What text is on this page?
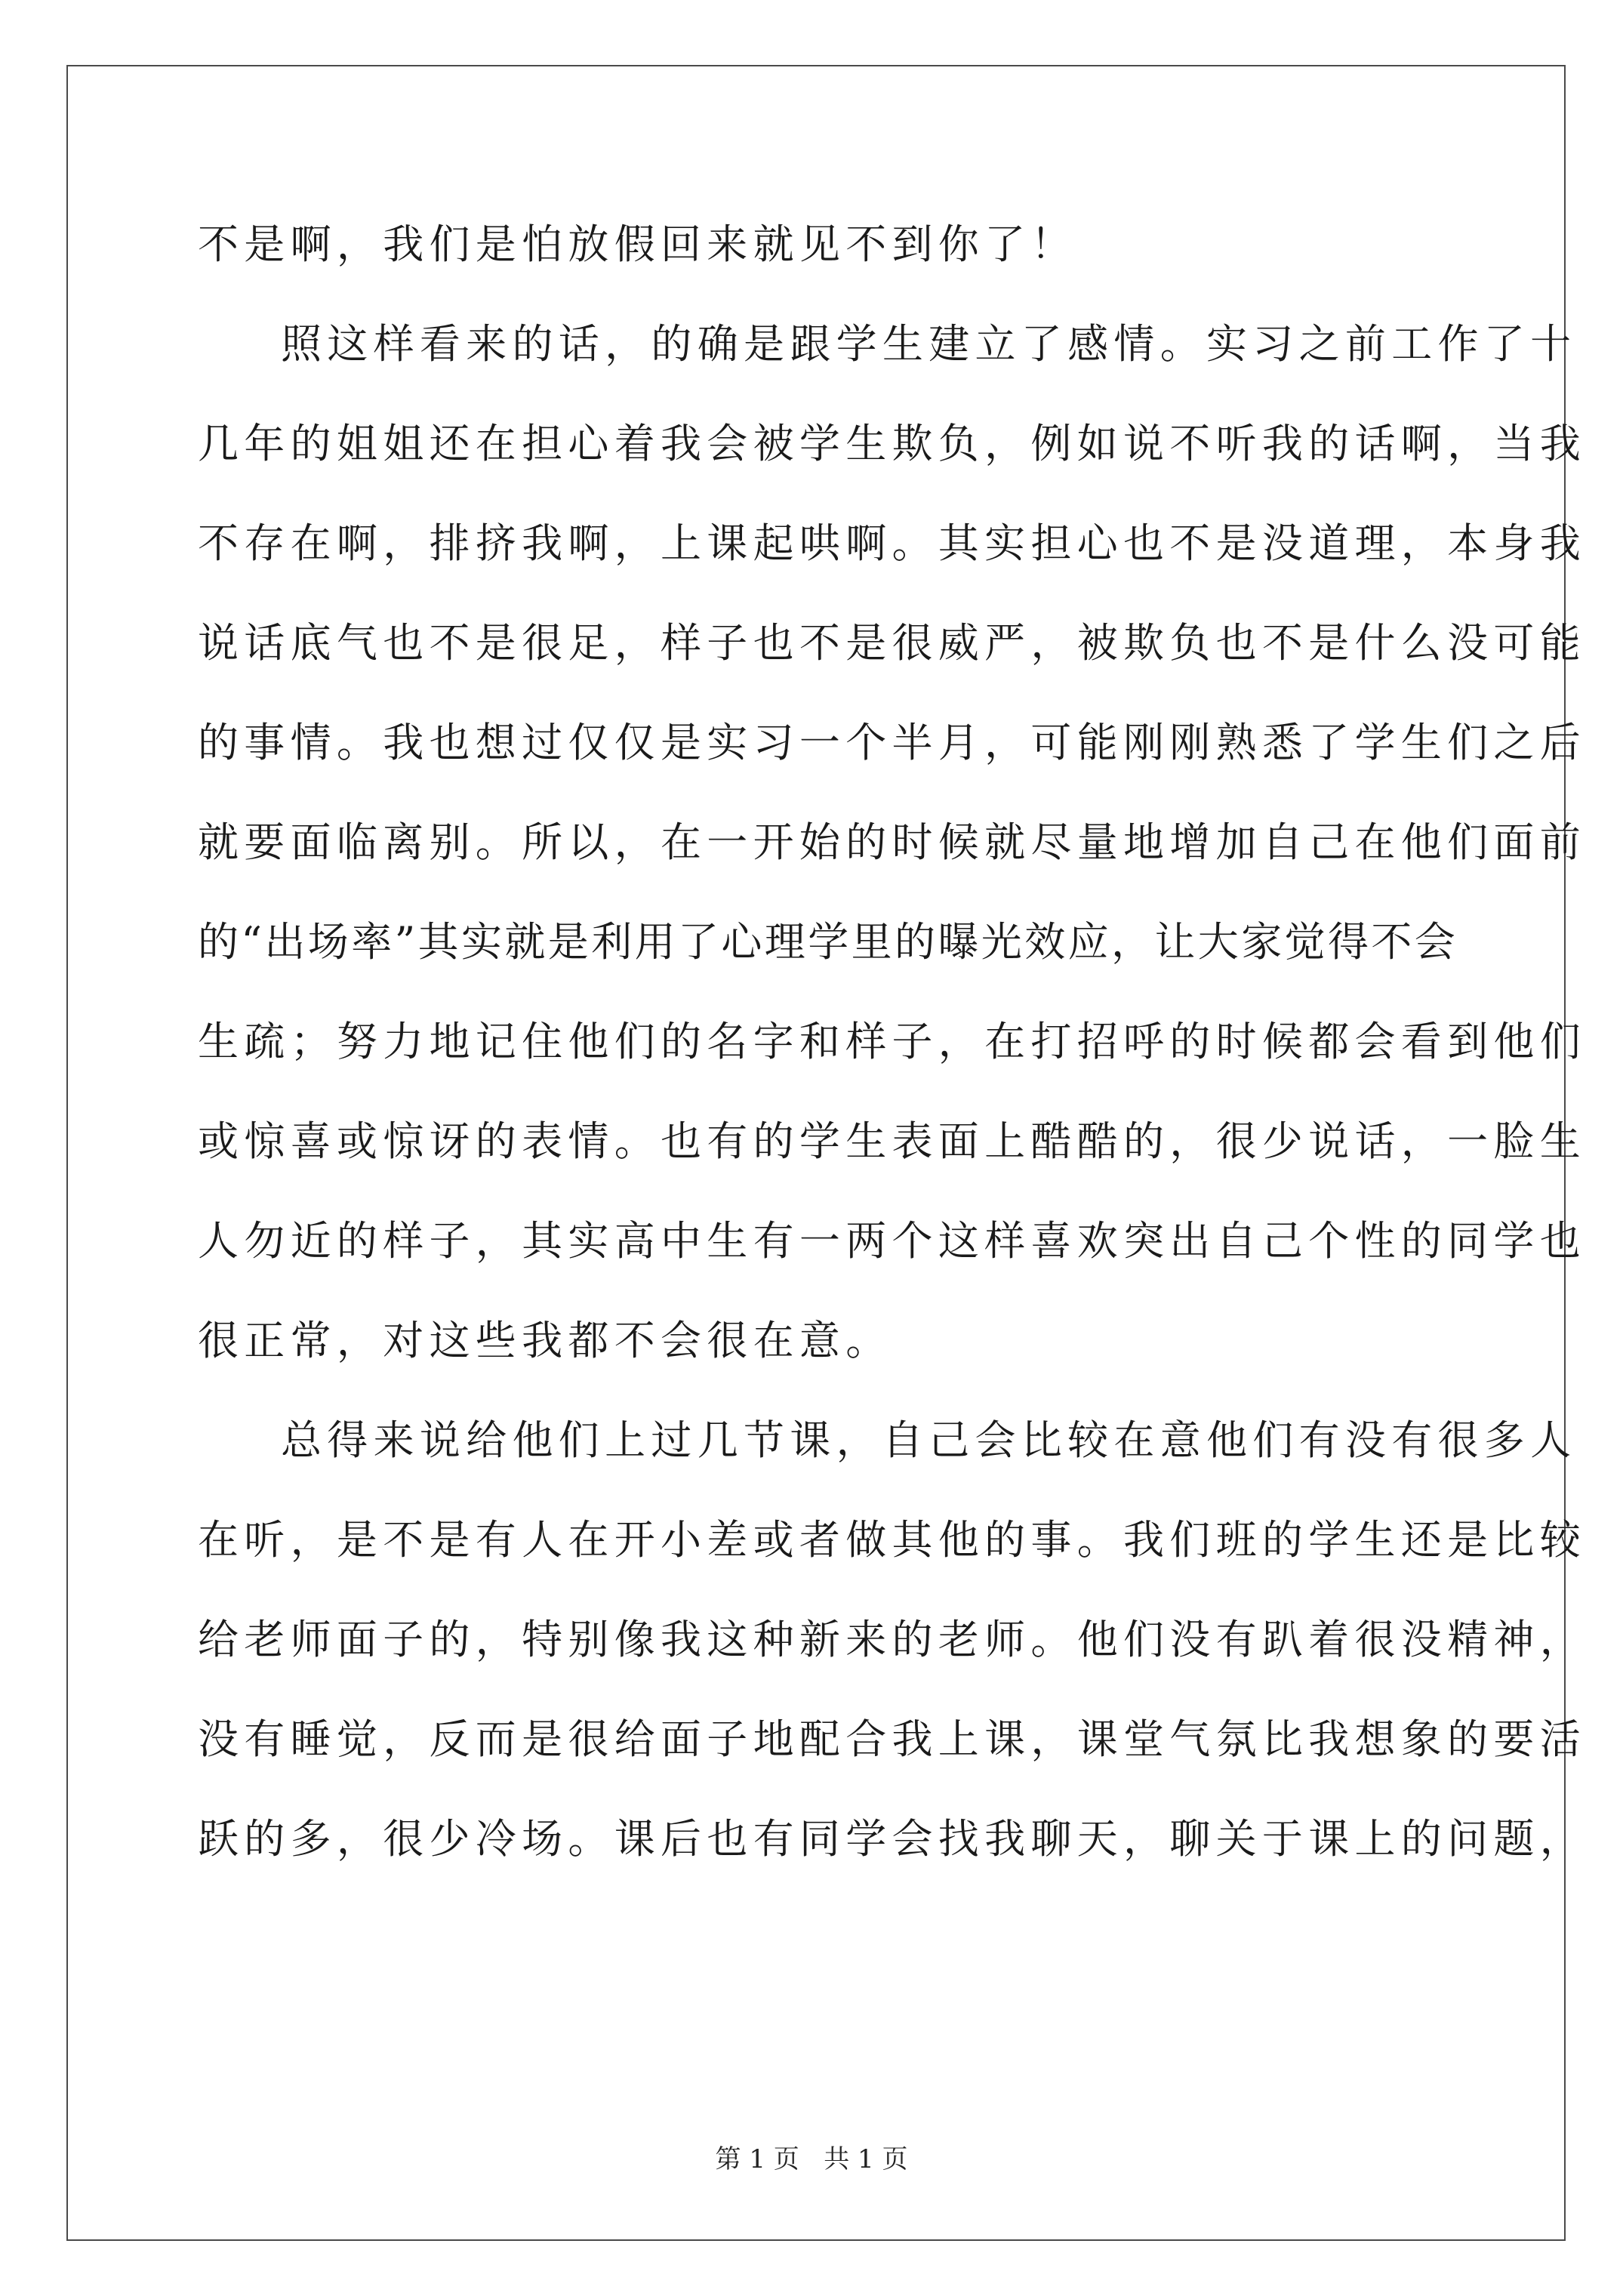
不是啊，我们是怕放假回来就见不到你了！
照这样看来的话，的确是跟学生建立了感情。实习之前工作了十
几年的姐姐还在担心着我会被学生欺负，例如说不听我的话啊，当我
不存在啊，排挤我啊，上课起哄啊。其实担心也不是没道理，本身我
说话底气也不是很足，样子也不是很威严，被欺负也不是什么没可能
的事情。我也想过仅仅是实习一个半月，可能刚刚熟悉了学生们之后
就要面临离别。所以，在一开始的时候就尽量地增加自己在他们面前
的“出场率”其实就是利用了心理学里的曝光效应，让大家觉得不会
生疏；努力地记住他们的名字和样子，在打招呼的时候都会看到他们
或惊喜或惊讶的表情。也有的学生表面上酷酷的，很少说话，一脸生
人勿近的样子，其实高中生有一两个这样喜欢突出自己个性的同学也
很正常，对这些我都不会很在意。
总得来说给他们上过几节课，自己会比较在意他们有没有很多人
在听，是不是有人在开小差或者做其他的事。我们班的学生还是比较
给老师面子的，特别像我这种新来的老师。他们没有趴着很没精神，
没有睡觉，反而是很给面子地配合我上课，课堂气氛比我想象的要活
跃的多，很少冷场。课后也有同学会找我聊天，聊关于课上的问题，
第 1 页   共 1 页
